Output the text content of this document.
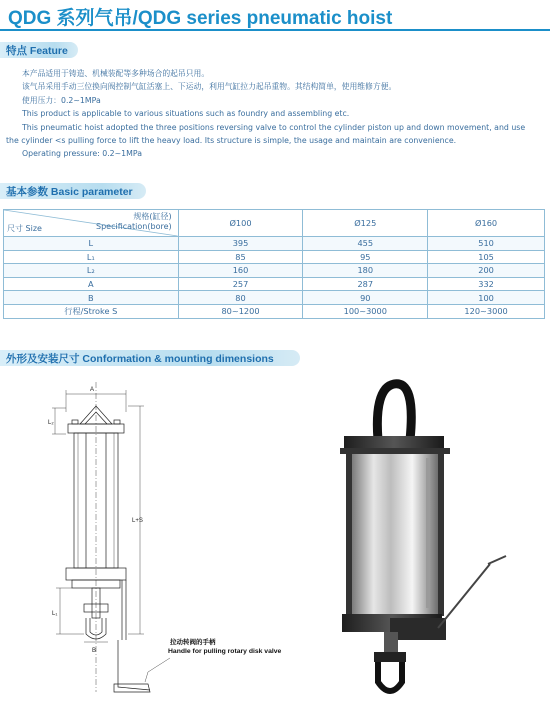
QDG 系列气吊/QDG series pneumatic hoist
特点 Feature

本产品适用于铸造、机械装配等多种场合的起吊只用。

该气吊采用手动三位换向阀控制气缸活塞上、下运动，利用气缸拉力起吊重物。其结构简单，使用维修方便。

使用压力：0.2~1MPa

This product is applicable to various situations such as foundry and assembling etc.

This pneumatic hoist adopted the three positions reversing valve to control the cylinder piston up and down movement, and use

the cylinder <s pulling force to lift the heavy load. Its structure is simple, the usage and maintain are convenience.

Operating pressure: 0.2~1MPa

基本参数 Basic parameter
规格(缸径)
Specification(bore)
尺寸 Size	Ø100	Ø125	Ø160
L	395	455	510
L₁	85	95	105
L₂	160	180	200
A	257	287	332
B	80	90	100
行程/Stroke S	80~1200	100~3000	120~3000
外形及安装尺寸 Conformation & mounting dimensions
A
L₂
L+S
L₁
B
拉动转阀的手柄
Handle for pulling rotary disk valve
